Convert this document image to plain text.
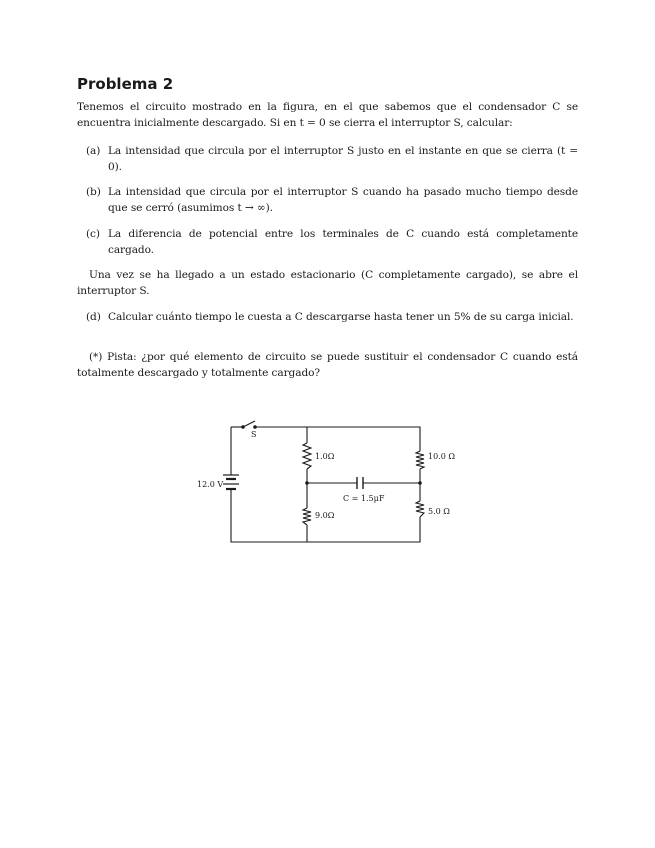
Problema 2

Tenemos el circuito mostrado en la figura, en el que sabemos que el condensador C se encuentra inicialmente descargado. Si en t = 0 se cierra el interruptor S, calcular:

(a) La intensidad que circula por el interruptor S justo en el instante en que se cierra (t = 0).
(b) La intensidad que circula por el interruptor S cuando ha pasado mucho tiempo desde que se cerró (asumimos t → ∞).
(c) La diferencia de potencial entre los terminales de C cuando está completamente cargado.

Una vez se ha llegado a un estado estacionario (C completamente cargado), se abre el interruptor S.

(d) Calcular cuánto tiempo le cuesta a C descargarse hasta tener un 5% de su carga inicial.

(*) Pista: ¿por qué elemento de circuito se puede sustituir el condensador C cuando está totalmente descargado y totalmente cargado?

S
12.0 V
1.0Ω
9.0Ω
10.0 Ω
5.0 Ω
C = 1.5μF
